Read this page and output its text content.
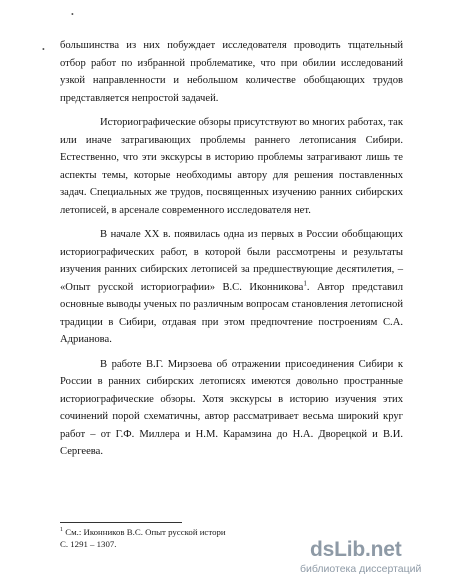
•
• большинства из них побуждает исследователя проводить тщательный отбор работ по избранной проблематике, что при обилии исследований узкой направленности и небольшом количестве обобщающих трудов представляется непростой задачей.

Историографические обзоры присутствуют во многих работах, так или иначе затрагивающих проблемы раннего летописания Сибири. Естественно, что эти экскурсы в историю проблемы затрагивают лишь те аспекты темы, которые необходимы автору для решения поставленных задач. Специальных же трудов, посвященных изучению ранних сибирских летописей, в арсенале современного исследователя нет.

В начале XX в. появилась одна из первых в России обобщающих историографических работ, в которой были рассмотрены и результаты изучения ранних сибирских летописей за предшествующие десятилетия, – «Опыт русской историографии» В.С. Иконникова$^1$. Автор представил основные выводы ученых по различным вопросам становления летописной традиции в Сибири, отдавая при этом предпочтение построениям С.А. Адрианова.

В работе В.Г. Мирзоева об отражении присоединения Сибири к России в ранних сибирских летописях имеются довольно пространные историографические обзоры. Хотя экскурсы в историю изучения этих сочинений порой схематичны, автор рассматривает весьма широкий круг работ – от Г.Ф. Миллера и Н.М. Карамзина до Н.А. Дворецкой и В.И. Сергеева.

$^1$ См.: Иконников В.С. Опыт русской истори
С. 1291 – 1307.	dsLib.net
библиотека диссертаций
